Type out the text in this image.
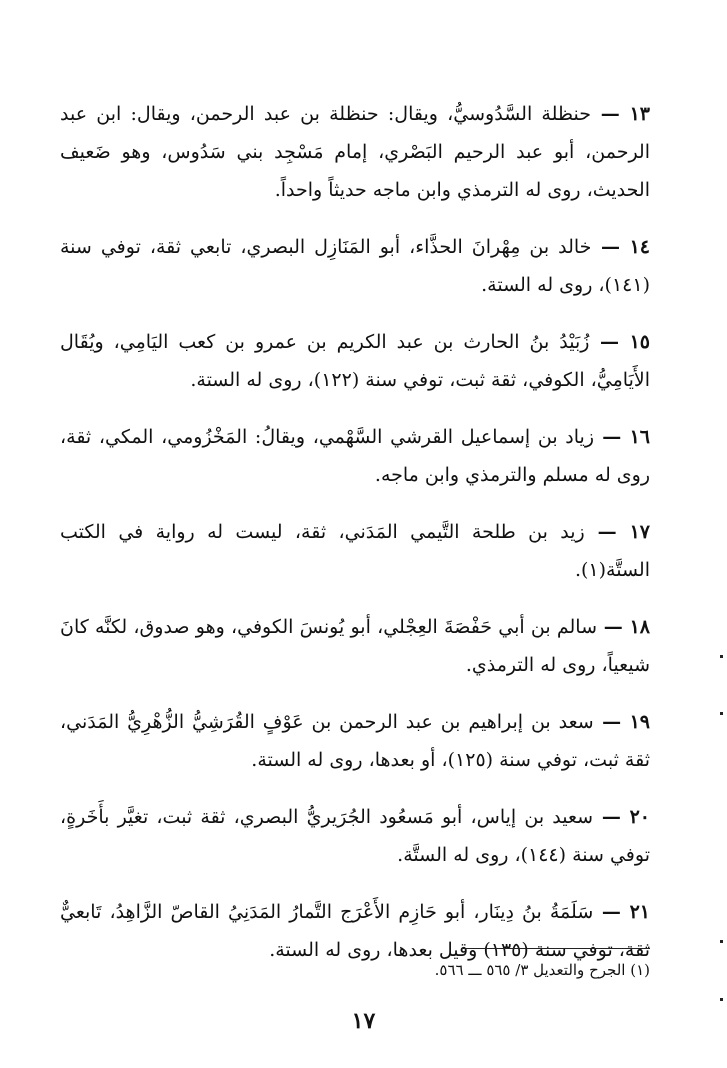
١٣ — حنظلة السَّدُوسيُّ، ويقال: حنظلة بن عبد الرحمن، ويقال: ابن عبد الرحمن، أبو عبد الرحيم البَصْري، إمام مَسْجِد بني سَدُوس، وهو ضَعيف الحديث، روى له الترمذي وابن ماجه حديثاً واحداً.

١٤ — خالد بن مِهْرانَ الحذَّاء، أبو المَنَازِل البصري، تابعي ثقة، توفي سنة (١٤١)، روى له الستة.

١٥ — زُبَيْدُ بنُ الحارث بن عبد الكريم بن عمرو بن كعب اليَامِي، ويُقَال الأَيَامِيُّ، الكوفي، ثقة ثبت، توفي سنة (١٢٢)، روى له الستة.

١٦ — زياد بن إسماعيل القرشي السَّهْمي، ويقالُ: المَخْزُومي، المكي، ثقة، روى له مسلم والترمذي وابن ماجه.

١٧ — زيد بن طلحة التَّيمي المَدَني، ثقة، ليست له رواية في الكتب الستَّة(١).

١٨ — سالم بن أبي حَفْصَةَ العِجْلي، أبو يُونسَ الكوفي، وهو صدوق، لكنَّه كانَ شيعياً، روى له الترمذي.

١٩ — سعد بن إبراهيم بن عبد الرحمن بن عَوْفٍ القُرَشِيُّ الزُّهْرِيُّ المَدَني، ثقة ثبت، توفي سنة (١٢٥)، أو بعدها، روى له الستة.

٢٠ — سعيد بن إياس، أبو مَسعُود الجُرَيريُّ البصري، ثقة ثبت، تغيَّر بأَخَرةٍ، توفي سنة (١٤٤)، روى له الستَّة.

٢١ — سَلَمَةُ بنُ دِينَار، أبو حَازِم الأَعْرَج التَّمارُ المَدَنِيُ القاصّ الزَّاهِدُ، تَابعيٌّ ثقة، توفي سنة (١٣٥) وقيل بعدها، روى له الستة.

(١) الجرح والتعديل ٣/ ٥٦٥ ـــ ٥٦٦.
١٧
